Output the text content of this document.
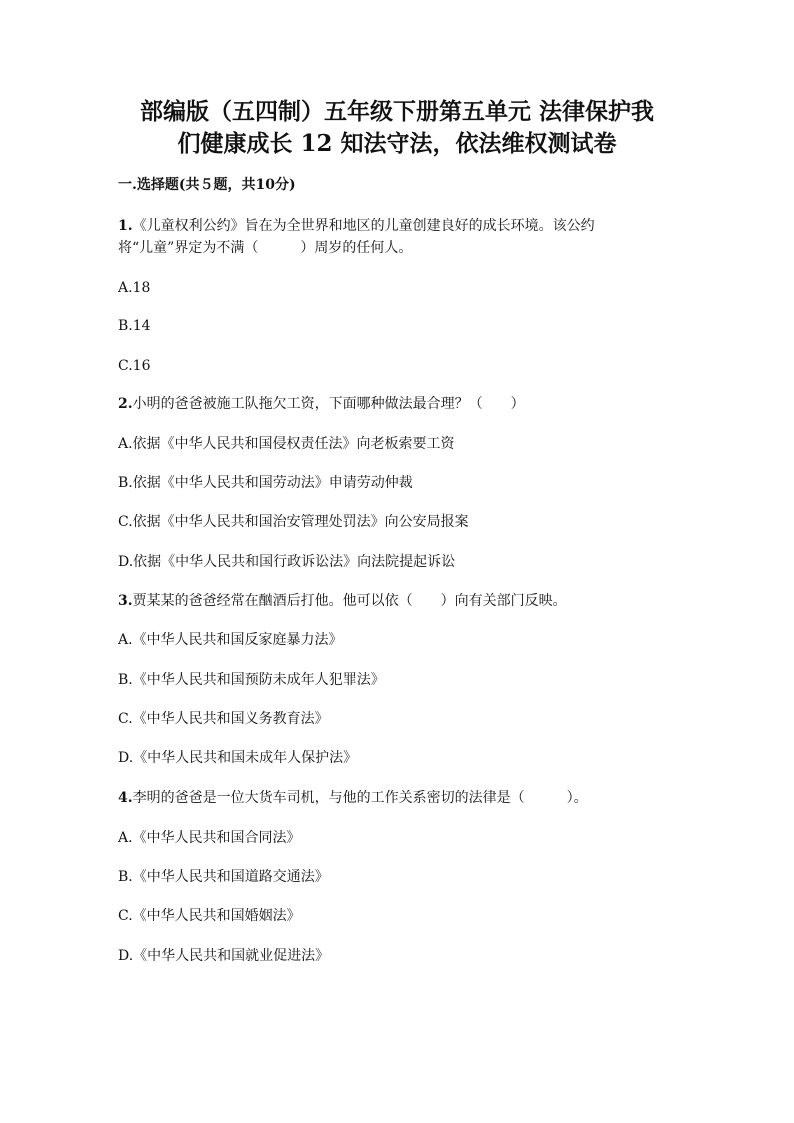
部编版（五四制）五年级下册第五单元 法律保护我
们健康成长 12 知法守法，依法维权测试卷
一.选择题(共５题，共10分)
1.《儿童权利公约》旨在为全世界和地区的儿童创建良好的成长环境。该公约
将“儿童”界定为不满（　　　）周岁的任何人。
A.18
B.14
C.16
2.小明的爸爸被施工队拖欠工资，下面哪种做法最合理？（　　）
A.依据《中华人民共和国侵权责任法》向老板索要工资
B.依据《中华人民共和国劳动法》申请劳动仲裁
C.依据《中华人民共和国治安管理处罚法》向公安局报案
D.依据《中华人民共和国行政诉讼法》向法院提起诉讼
3.贾某某的爸爸经常在酗酒后打他。他可以依（　　）向有关部门反映。
A.《中华人民共和国反家庭暴力法》
B.《中华人民共和国预防未成年人犯罪法》
C.《中华人民共和国义务教育法》
D.《中华人民共和国未成年人保护法》
4.李明的爸爸是一位大货车司机，与他的工作关系密切的法律是（　　　）。
A.《中华人民共和国合同法》
B.《中华人民共和国道路交通法》
C.《中华人民共和国婚姻法》
D.《中华人民共和国就业促进法》
